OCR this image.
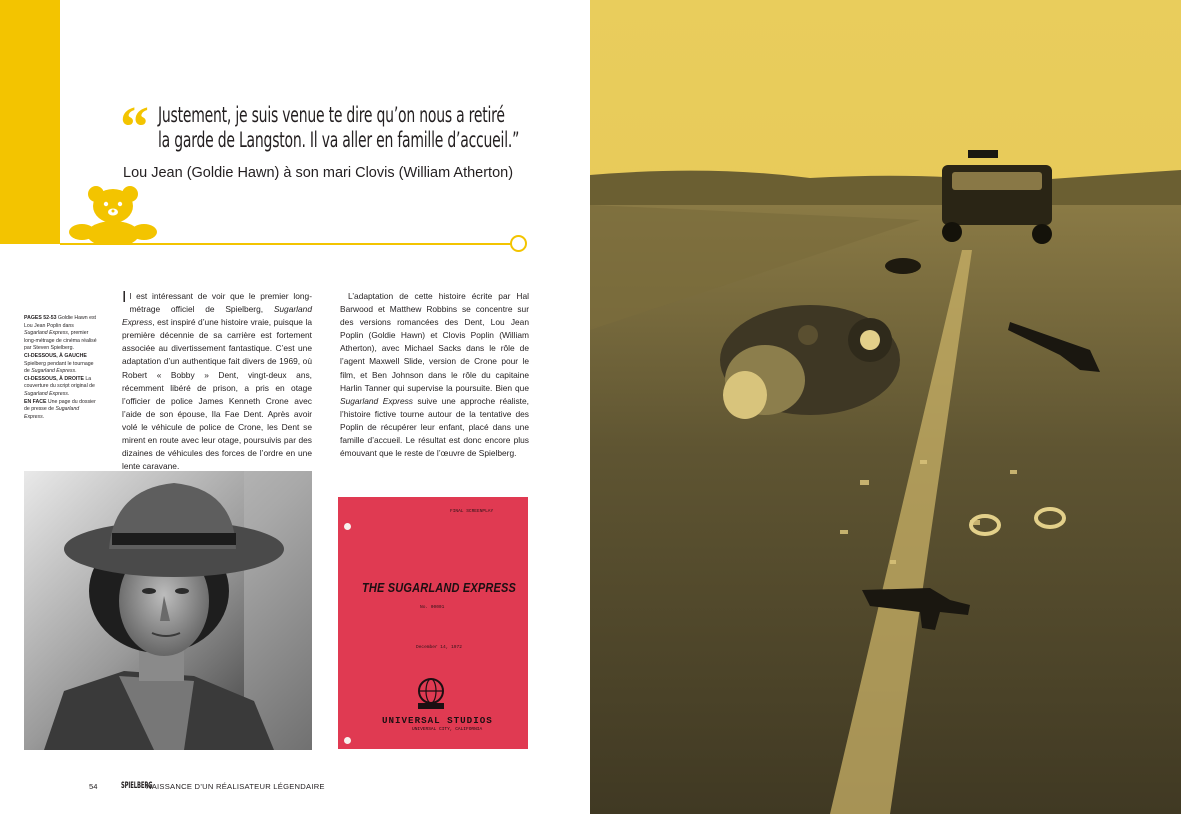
“ Justement, je suis venue te dire qu’on nous a retiré
la garde de Langston. Il va aller en famille d’accueil.”
Lou Jean (Goldie Hawn) à son mari Clovis (William Atherton)
PAGES 52-53 Goldie Hawn est Lou Jean Poplin dans Sugarland Express, premier long-métrage de cinéma réalisé par Steven Spielberg.
CI-DESSOUS, À GAUCHE Spielberg pendant le tournage de Sugarland Express.
CI-DESSOUS, À DROITE La couverture du script original de Sugarland Express.
EN FACE Une page du dossier de presse de Sugarland Express.

Il est intéressant de voir que le premier long-métrage officiel de Spielberg, Sugarland Express, est inspiré d’une histoire vraie, puisque la première décennie de sa carrière est fortement associée au divertissement fantastique. C’est une adaptation d’un authentique fait divers de 1969, où Robert « Bobby » Dent, vingt-deux ans, récemment libéré de prison, a pris en otage l’officier de police James Kenneth Crone avec l’aide de son épouse, Ila Fae Dent. Après avoir volé le véhicule de police de Crone, les Dent se mirent en route avec leur otage, poursuivis par des dizaines de véhicules des forces de l’ordre en une lente caravane.

L’adaptation de cette histoire écrite par Hal Barwood et Matthew Robbins se concentre sur des versions romancées des Dent, Lou Jean Poplin (Goldie Hawn) et Clovis Poplin (William Atherton), avec Michael Sacks dans le rôle de l’agent Maxwell Slide, version de Crone pour le film, et Ben Johnson dans le rôle du capitaine Harlin Tanner qui supervise la poursuite. Bien que Sugarland Express suive une approche réaliste, l’histoire fictive tourne autour de la tentative des Poplin de récupérer leur enfant, placé dans une famille d’accueil. Le résultat est donc encore plus émouvant que le reste de l’œuvre de Spielberg.

FINAL SCREENPLAY
THE SUGARLAND EXPRESS
No. 00001
December 14, 1972
UNIVERSAL STUDIOS
UNIVERSAL CITY, CALIFORNIA
54	SPIELBERG
NAISSANCE D’UN RÉALISATEUR LÉGENDAIRE
